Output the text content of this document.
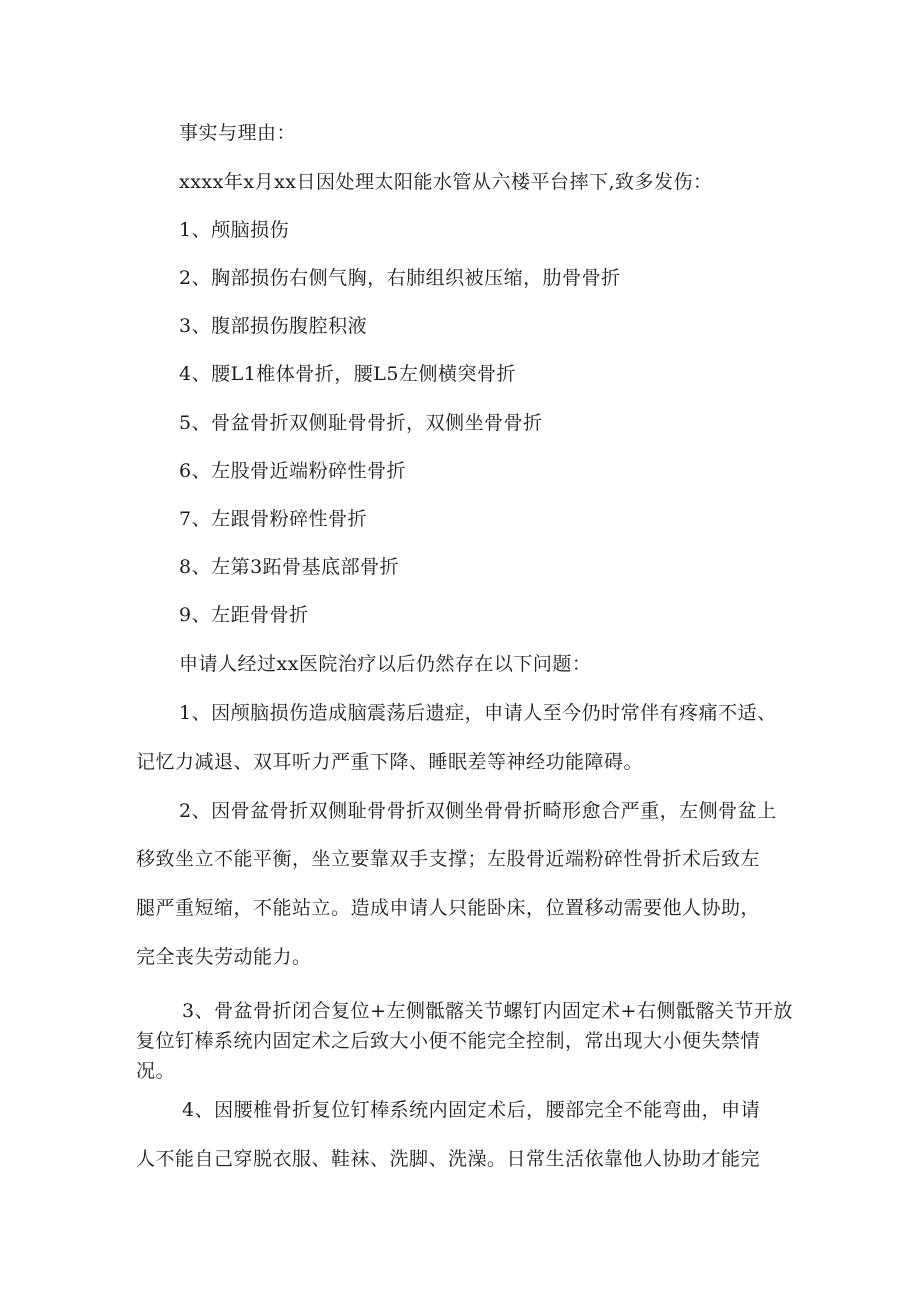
事实与理由：
xxxx年x月xx日因处理太阳能水管从六楼平台摔下,致多发伤：
1、颅脑损伤
2、胸部损伤右侧气胸，右肺组织被压缩，肋骨骨折
3、腹部损伤腹腔积液
4、腰L1椎体骨折，腰L5左侧横突骨折
5、骨盆骨折双侧耻骨骨折，双侧坐骨骨折
6、左股骨近端粉碎性骨折
7、左跟骨粉碎性骨折
8、左第3跖骨基底部骨折
9、左距骨骨折
申请人经过xx医院治疗以后仍然存在以下问题：
1、因颅脑损伤造成脑震荡后遗症，申请人至今仍时常伴有疼痛不适、
记忆力减退、双耳听力严重下降、睡眠差等神经功能障碍。
2、因骨盆骨折双侧耻骨骨折双侧坐骨骨折畸形愈合严重，左侧骨盆上
移致坐立不能平衡，坐立要靠双手支撑；左股骨近端粉碎性骨折术后致左
腿严重短缩，不能站立。造成申请人只能卧床，位置移动需要他人协助，
完全丧失劳动能力。
3、骨盆骨折闭合复位+左侧骶髂关节螺钉内固定术+右侧骶髂关节开放复位钉棒系统内固定术之后致大小便不能完全控制，常出现大小便失禁情况。
4、因腰椎骨折复位钉棒系统内固定术后，腰部完全不能弯曲，申请
人不能自己穿脱衣服、鞋袜、洗脚、洗澡。日常生活依靠他人协助才能完
